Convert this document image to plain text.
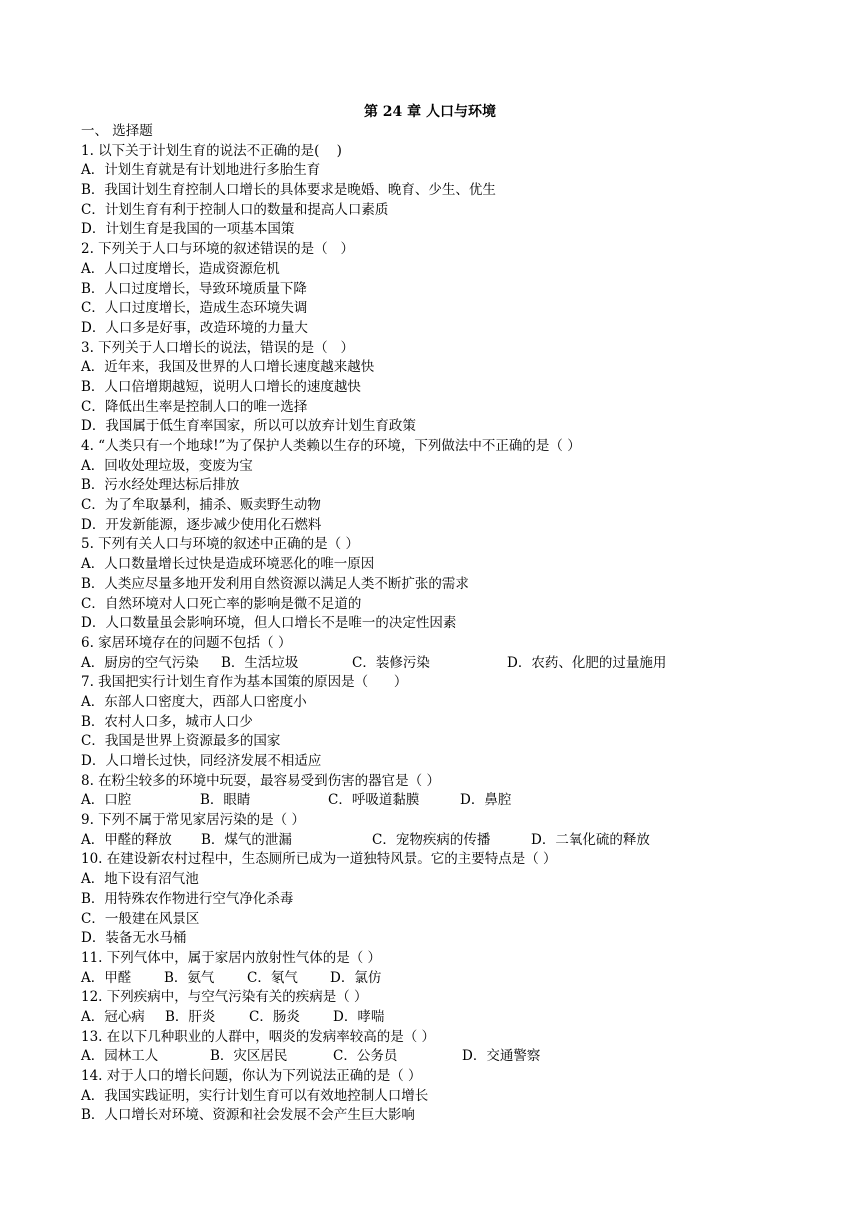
第 24 章 人口与环境
一、 选择题
1. 以下关于计划生育的说法不正确的是(    )
A．计划生育就是有计划地进行多胎生育
B．我国计划生育控制人口增长的具体要求是晚婚、晚育、少生、优生
C．计划生育有利于控制人口的数量和提高人口素质
D．计划生育是我国的一项基本国策
2. 下列关于人口与环境的叙述错误的是（   ）
A．人口过度增长，造成资源危机
B．人口过度增长，导致环境质量下降
C．人口过度增长，造成生态环境失调
D．人口多是好事，改造环境的力量大
3. 下列关于人口增长的说法，错误的是（   ）
A．近年来，我国及世界的人口增长速度越来越快
B．人口倍增期越短，说明人口增长的速度越快
C．降低出生率是控制人口的唯一选择
D．我国属于低生育率国家，所以可以放弃计划生育政策
4. “人类只有一个地球!”为了保护人类赖以生存的环境，下列做法中不正确的是（ ）
A．回收处理垃圾，变废为宝
B．污水经处理达标后排放
C．为了牟取暴利，捕杀、贩卖野生动物
D．开发新能源，逐步减少使用化石燃料
5. 下列有关人口与环境的叙述中正确的是（ ）
A．人口数量增长过快是造成环境恶化的唯一原因
B．人类应尽量多地开发利用自然资源以满足人类不断扩张的需求
C．自然环境对人口死亡率的影响是微不足道的
D．人口数量虽会影响环境，但人口增长不是唯一的决定性因素
6. 家居环境存在的问题不包括（ ）
A．厨房的空气污染	B．生活垃圾	C．装修污染	D．农药、化肥的过量施用
7. 我国把实行计划生育作为基本国策的原因是（      ）
A．东部人口密度大，西部人口密度小
B．农村人口多，城市人口少
C．我国是世界上资源最多的国家
D．人口增长过快，同经济发展不相适应
8. 在粉尘较多的环境中玩耍，最容易受到伤害的器官是（ ）
A．口腔	B．眼睛	C．呼吸道黏膜	D．鼻腔
9. 下列不属于常见家居污染的是（ ）
A．甲醛的释放	B．煤气的泄漏	C．宠物疾病的传播	D．二氧化硫的释放
10. 在建设新农村过程中，生态厕所已成为一道独特风景。它的主要特点是（ ）
A．地下设有沼气池
B．用特殊农作物进行空气净化杀毒
C．一般建在风景区
D．装备无水马桶
11. 下列气体中，属于家居内放射性气体的是（ ）
A．甲醛	B．氨气	C．氡气	D．氯仿
12. 下列疾病中，与空气污染有关的疾病是（ ）
A．冠心病	B．肝炎	C．肠炎	D．哮喘
13. 在以下几种职业的人群中，咽炎的发病率较高的是（ ）
A．园林工人	B．灾区居民	C．公务员	D．交通警察
14. 对于人口的增长问题，你认为下列说法正确的是（ ）
A．我国实践证明，实行计划生育可以有效地控制人口增长
B．人口增长对环境、资源和社会发展不会产生巨大影响
